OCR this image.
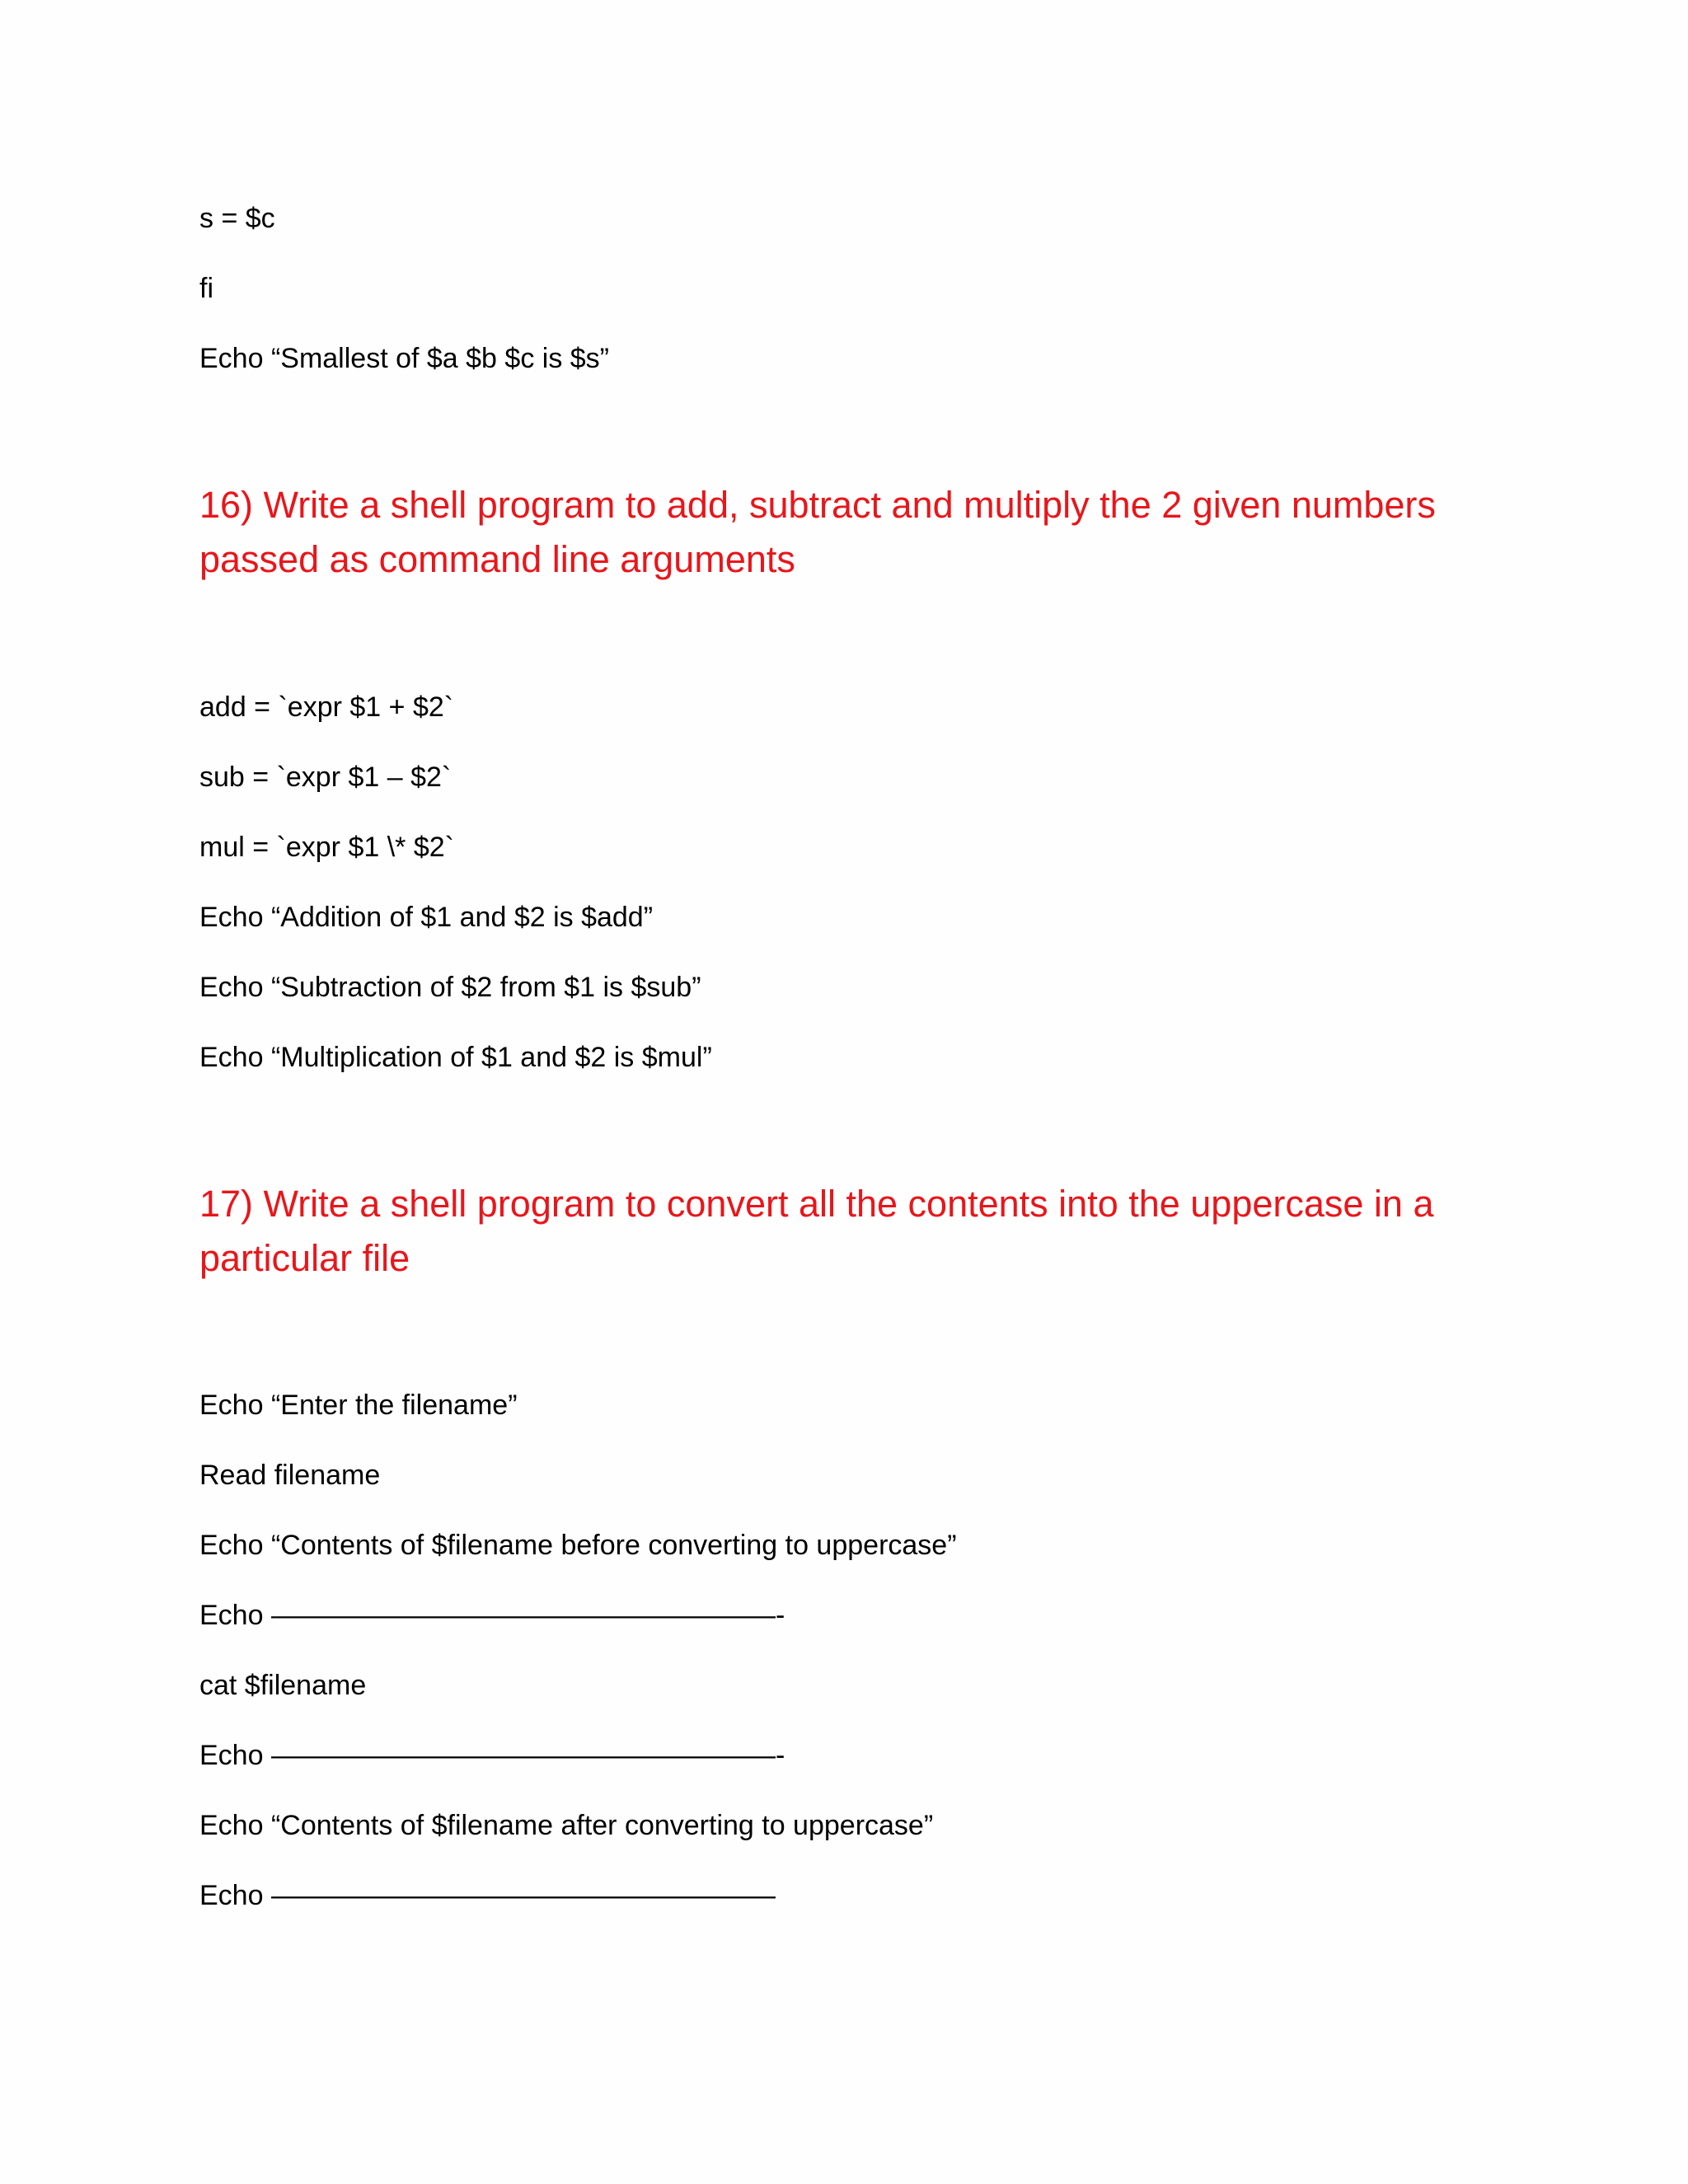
s = $c
fi
Echo “Smallest of $a $b $c is $s”
16) Write a shell program to add, subtract and multiply the 2 given numbers
passed as command line arguments
add = `expr $1 + $2`
sub = `expr $1 – $2`
mul = `expr $1 \* $2`
Echo “Addition of $1 and $2 is $add”
Echo “Subtraction of $2 from $1 is $sub”
Echo “Multiplication of $1 and $2 is $mul”
17) Write a shell program to convert all the contents into the uppercase in a
particular file
Echo “Enter the filename”
Read filename
Echo “Contents of $filename before converting to uppercase”
Echo ——————————————————-
cat $filename
Echo ——————————————————-
Echo “Contents of $filename after converting to uppercase”
Echo ——————————————————
